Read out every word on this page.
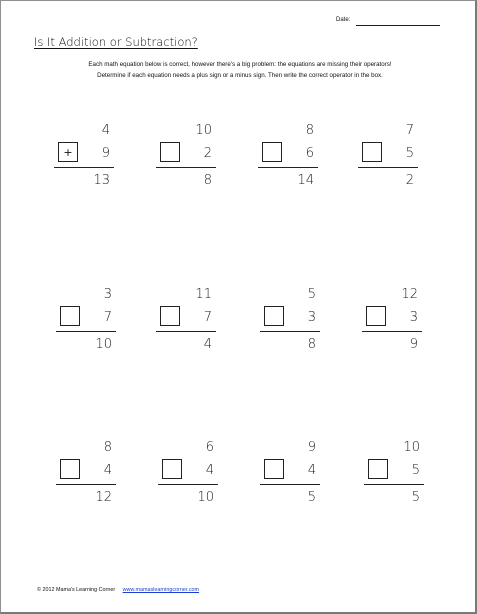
Date:
Is It Addition or Subtraction?
Each math equation below is correct, however there's a big problem: the equations are missing their operators!
Determine if each equation needs a plus sign or a minus sign. Then write the correct operator in the box.
4
+	9
13
10
2
8
8
6
14
7
5
2
3
7
10
11
7
4
5
3
8
12
3
9
8
4
12
6
4
10
9
4
5
10
5
5
© 2012 Mama's Learning Corner www.mamaslearningcorner.com
